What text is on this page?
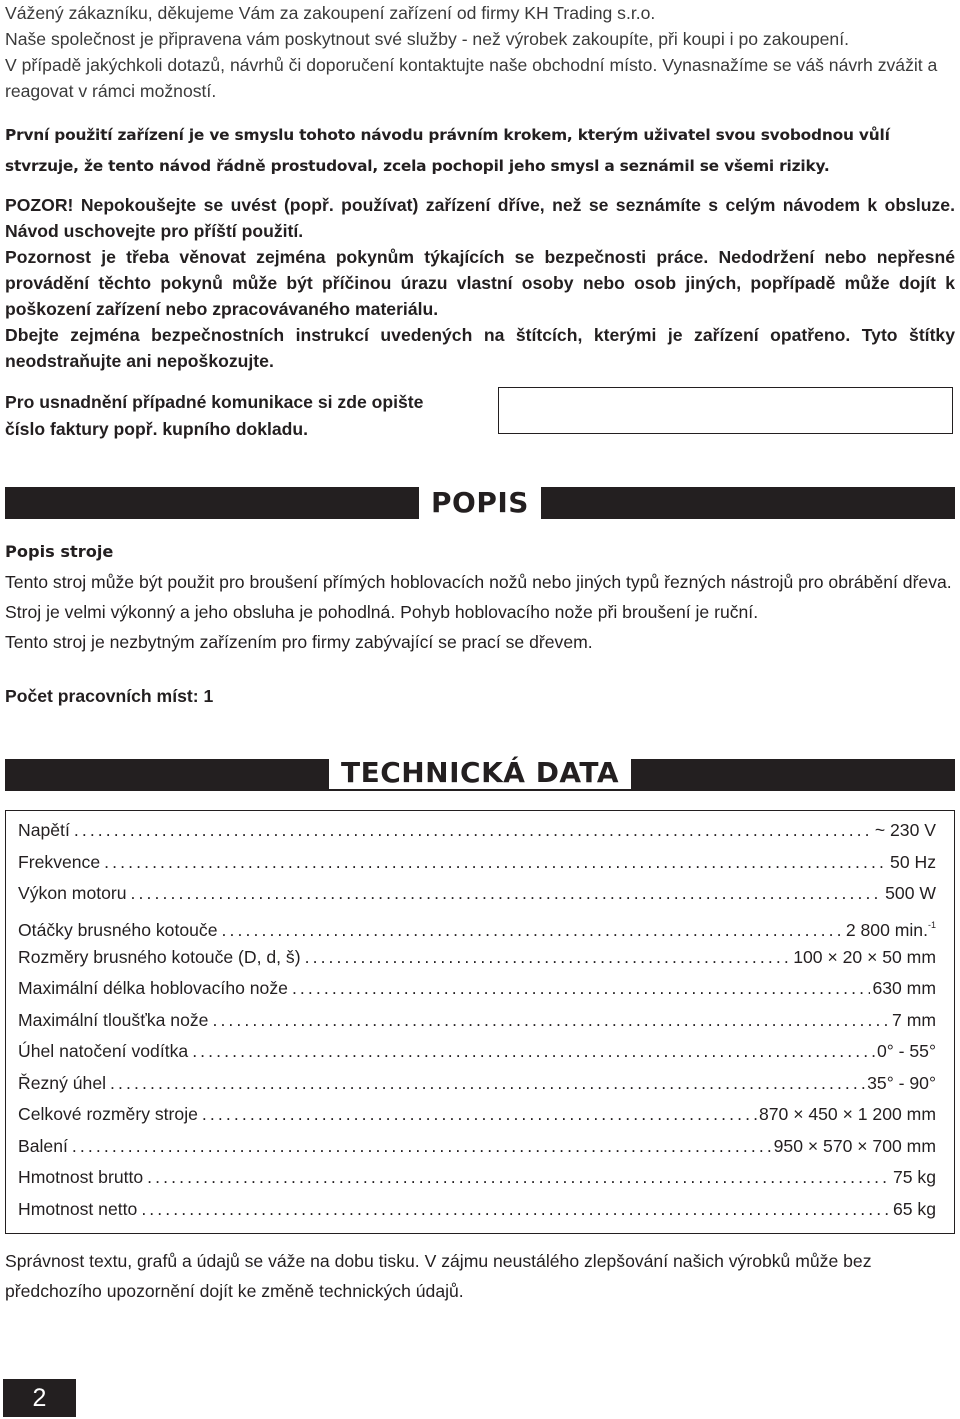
Vážený zákazníku, děkujeme Vám za zakoupení zařízení od firmy KH Trading s.r.o.

Naše společnost je připravena vám poskytnout své služby - než výrobek zakoupíte, při koupi i po zakoupení.

V případě jakýchkoli dotazů, návrhů či doporučení kontaktujte naše obchodní místo. Vynasnažíme se váš návrh zvážit a reagovat v rámci možností.

První použití zařízení je ve smyslu tohoto návodu právním krokem, kterým uživatel svou svobodnou vůlí stvrzuje, že tento návod řádně prostudoval, zcela pochopil jeho smysl a seznámil se všemi riziky.

POZOR! Nepokoušejte se uvést (popř. používat) zařízení dříve, než se seznámíte s celým návodem k obsluze. Návod uschovejte pro příští použití.

Pozornost je třeba věnovat zejména pokynům týkajících se bezpečnosti práce. Nedodržení nebo nepřesné provádění těchto pokynů může být příčinou úrazu vlastní osoby nebo osob jiných, popřípadě může dojít k poškození zařízení nebo zpracovávaného materiálu.

Dbejte zejména bezpečnostních instrukcí uvedených na štítcích, kterými je zařízení opatřeno. Tyto štítky neodstraňujte ani nepoškozujte.

Pro usnadnění případné komunikace si zde opište
číslo faktury popř. kupního dokladu.
POPIS
Popis stroje

Tento stroj může být použit pro broušení přímých hoblovacích nožů nebo jiných typů řezných nástrojů pro obrábění dřeva. Stroj je velmi výkonný a jeho obsluha je pohodlná. Pohyb hoblovacího nože při broušení je ruční.

Tento stroj je nezbytným zařízením pro firmy zabývající se prací se dřevem.

Počet pracovních míst: 1
TECHNICKÁ DATA
Napětí .....	~ 230 V
Frekvence .....	50 Hz
Výkon motoru .....	500 W
Otáčky brusného kotouče .....	2 800 min.$^{-1}$
Rozměry brusného kotouče (D, d, š) .....	100 × 20 × 50 mm
Maximální délka hoblovacího nože .....	630 mm
Maximální tloušťka nože .....	7 mm
Úhel natočení vodítka .....	0° - 55°
Řezný úhel .....	35° - 90°
Celkové rozměry stroje .....	870 × 450 × 1 200 mm
Balení .....	950 × 570 × 700 mm
Hmotnost brutto .....	75 kg
Hmotnost netto .....	65 kg

Správnost textu, grafů a údajů se váže na dobu tisku. V zájmu neustálého zlepšování našich výrobků může bez předchozího upozornění dojít ke změně technických údajů.

2
